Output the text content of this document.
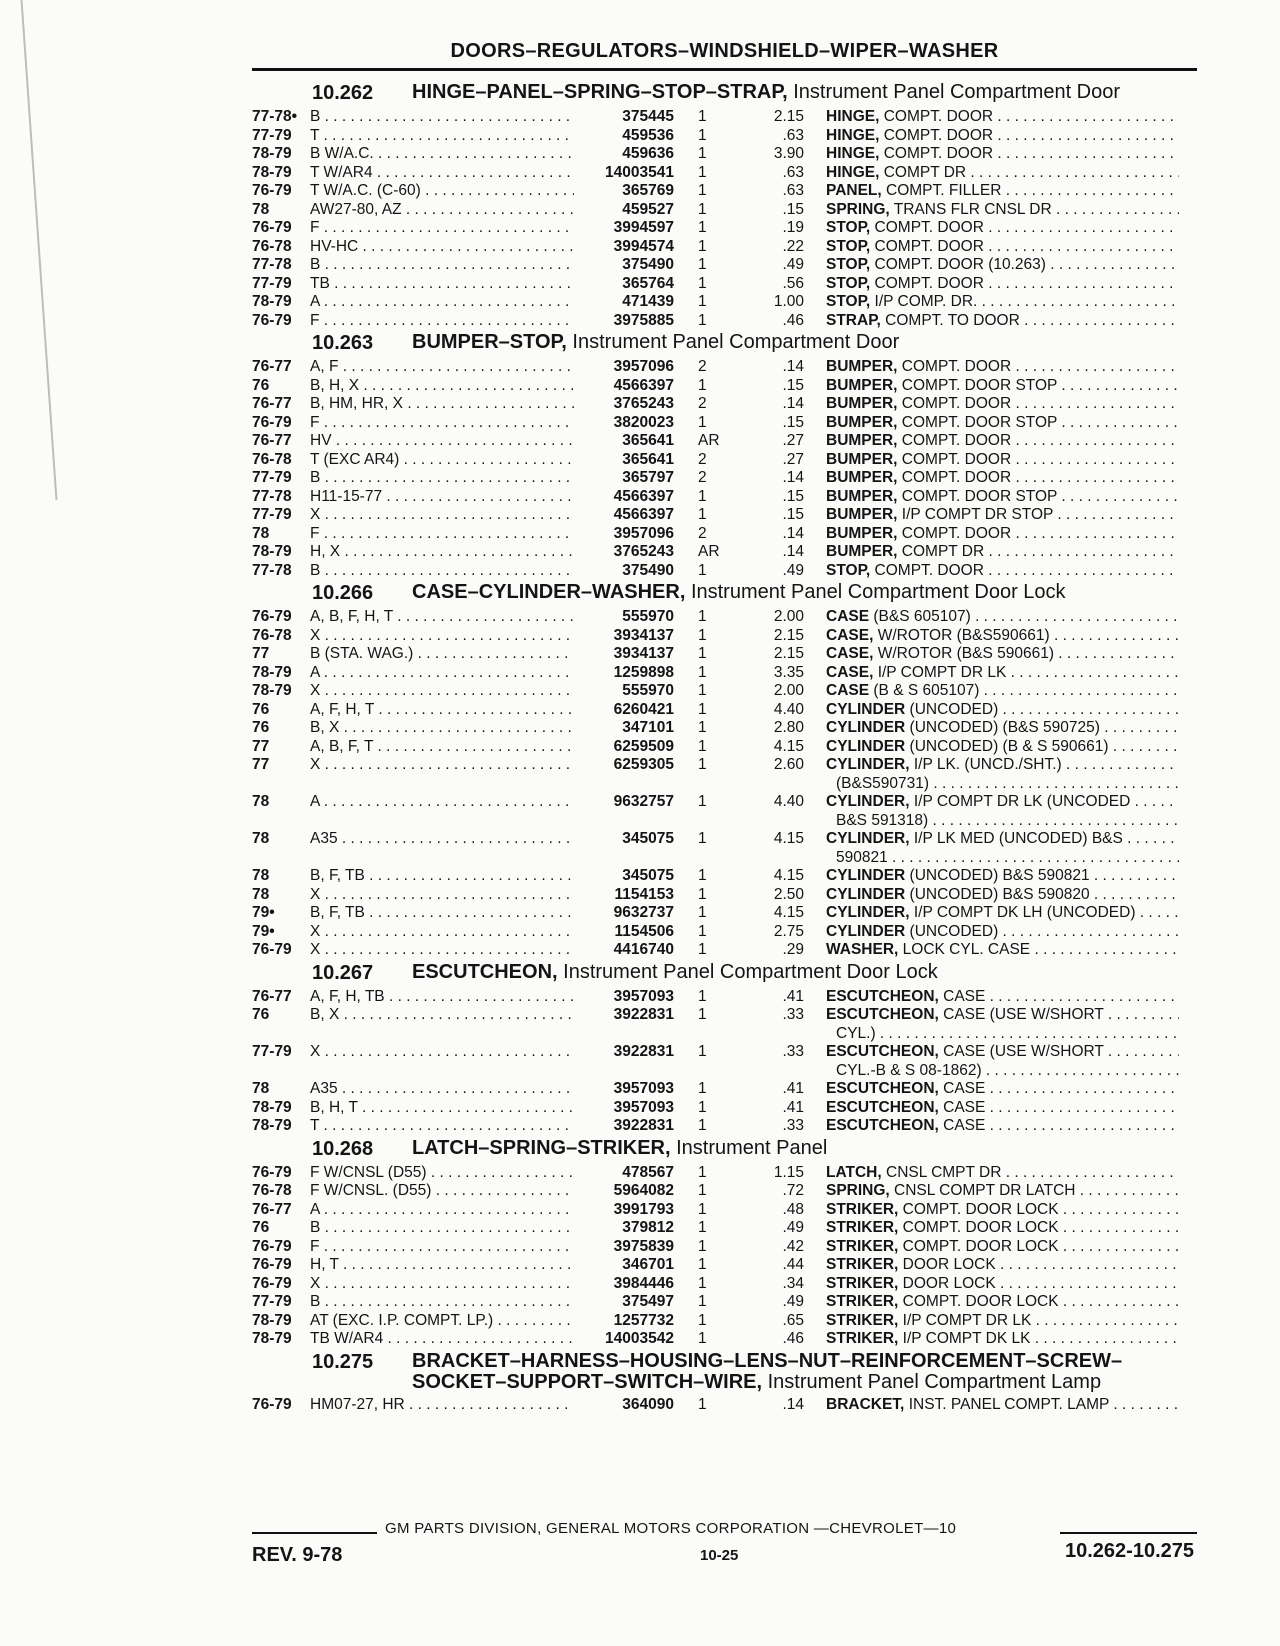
DOORS–REGULATORS–WINDSHIELD–WIPER–WASHER
10.262	HINGE–PANEL–SPRING–STOP–STRAP, Instrument Panel Compartment Door
77-78• B . . .	375445	1	2.15 HINGE, COMPT. DOOR . . .
77-79	T . . .	459536	1	.63 HINGE, COMPT. DOOR . . .
78-79	B W/A.C. . . .	459636	1	3.90 HINGE, COMPT. DOOR . . .
78-79	T W/AR4 . . .	14003541	1	.63 HINGE, COMPT DR . . .
76-79	T W/A.C. (C-60) . . .	365769	1	.63 PANEL, COMPT. FILLER . . .
78	AW27-80, AZ . . .	459527	1	.15 SPRING, TRANS FLR CNSL DR . . .
76-79	F . . .	3994597	1	.19 STOP, COMPT. DOOR . . .
76-78	HV-HC . . .	3994574	1	.22 STOP, COMPT. DOOR . . .
77-78	B . . .	375490	1	.49 STOP, COMPT. DOOR (10.263) . . .
77-79	TB . . .	365764	1	.56 STOP, COMPT. DOOR . . .
78-79	A . . .	471439	1	1.00 STOP, I/P COMP. DR. . . .
76-79	F . . .	3975885	1	.46 STRAP, COMPT. TO DOOR . . .
10.263	BUMPER–STOP, Instrument Panel Compartment Door
76-77	A, F . . .	3957096	2	.14 BUMPER, COMPT. DOOR . . .
76	B, H, X . . .	4566397	1	.15 BUMPER, COMPT. DOOR STOP . . .
76-77	B, HM, HR, X . . .	3765243	2	.14 BUMPER, COMPT. DOOR . . .
76-79	F . . .	3820023	1	.15 BUMPER, COMPT. DOOR STOP . . .
76-77	HV . . .	365641	AR	.27 BUMPER, COMPT. DOOR . . .
76-78	T (EXC AR4) . . .	365641	2	.27 BUMPER, COMPT. DOOR . . .
77-79	B . . .	365797	2	.14 BUMPER, COMPT. DOOR . . .
77-78	H11-15-77 . . .	4566397	1	.15 BUMPER, COMPT. DOOR STOP . . .
77-79	X . . .	4566397	1	.15 BUMPER, I/P COMPT DR STOP . . .
78	F . . .	3957096	2	.14 BUMPER, COMPT. DOOR . . .
78-79	H, X . . .	3765243	AR	.14 BUMPER, COMPT DR . . .
77-78	B . . .	375490	1	.49 STOP, COMPT. DOOR . . .
10.266	CASE–CYLINDER–WASHER, Instrument Panel Compartment Door Lock
76-79	A, B, F, H, T . . .	555970	1	2.00 CASE (B&S 605107) . . .
76-78	X . . .	3934137	1	2.15 CASE, W/ROTOR (B&S590661) . . .
77	B (STA. WAG.) . . .	3934137	1	2.15 CASE, W/ROTOR (B&S 590661) . . .
78-79	A . . .	1259898	1	3.35 CASE, I/P COMPT DR LK . . .
78-79	X . . .	555970	1	2.00 CASE (B & S 605107) . . .
76	A, F, H, T . . .	6260421	1	4.40 CYLINDER (UNCODED) . . .
76	B, X . . .	347101	1	2.80 CYLINDER (UNCODED) (B&S 590725) . . .
77	A, B, F, T . . .	6259509	1	4.15 CYLINDER (UNCODED) (B & S 590661) . . .
77	X . . .	6259305	1	2.60 CYLINDER, I/P LK. (UNCD./SHT.) . . .
(B&S590731) . . .
78	A . . .	9632757	1	4.40 CYLINDER, I/P COMPT DR LK (UNCODED . . .
B&S 591318) . . .
78	A35 . . .	345075	1	4.15 CYLINDER, I/P LK MED (UNCODED) B&S . . .
590821 . . .
78	B, F, TB . . .	345075	1	4.15 CYLINDER (UNCODED) B&S 590821 . . .
78	X . . .	1154153	1	2.50 CYLINDER (UNCODED) B&S 590820 . . .
79•	B, F, TB . . .	9632737	1	4.15 CYLINDER, I/P COMPT DK LH (UNCODED) . . .
79•	X . . .	1154506	1	2.75 CYLINDER (UNCODED) . . .
76-79	X . . .	4416740	1	.29 WASHER, LOCK CYL. CASE . . .
10.267	ESCUTCHEON, Instrument Panel Compartment Door Lock
76-77	A, F, H, TB . . .	3957093	1	.41 ESCUTCHEON, CASE . . .
76	B, X . . .	3922831	1	.33 ESCUTCHEON, CASE (USE W/SHORT . . .
CYL.) . . .
77-79	X . . .	3922831	1	.33 ESCUTCHEON, CASE (USE W/SHORT . . .
CYL.-B & S 08-1862) . . .
78	A35 . . .	3957093	1	.41 ESCUTCHEON, CASE . . .
78-79	B, H, T . . .	3957093	1	.41 ESCUTCHEON, CASE . . .
78-79	T . . .	3922831	1	.33 ESCUTCHEON, CASE . . .
10.268	LATCH–SPRING–STRIKER, Instrument Panel
76-79	F W/CNSL (D55) . . .	478567	1	1.15 LATCH, CNSL CMPT DR . . .
76-78	F W/CNSL. (D55) . . .	5964082	1	.72 SPRING, CNSL COMPT DR LATCH . . .
76-77	A . . .	3991793	1	.48 STRIKER, COMPT. DOOR LOCK . . .
76	B . . .	379812	1	.49 STRIKER, COMPT. DOOR LOCK . . .
76-79	F . . .	3975839	1	.42 STRIKER, COMPT. DOOR LOCK . . .
76-79	H, T . . .	346701	1	.44 STRIKER, DOOR LOCK . . .
76-79	X . . .	3984446	1	.34 STRIKER, DOOR LOCK . . .
77-79	B . . .	375497	1	.49 STRIKER, COMPT. DOOR LOCK . . .
78-79	AT (EXC. I.P. COMPT. LP.) . . .	1257732	1	.65 STRIKER, I/P COMPT DR LK . . .
78-79	TB W/AR4 . . .	14003542	1	.46 STRIKER, I/P COMPT DK LK . . .
10.275	BRACKET–HARNESS–HOUSING–LENS–NUT–REINFORCEMENT–SCREW–SOCKET–SUPPORT–SWITCH–WIRE, Instrument Panel Compartment Lamp
76-79	HM07-27, HR . . .	364090	1	.14 BRACKET, INST. PANEL COMPT. LAMP . . .
GM PARTS DIVISION, GENERAL MOTORS CORPORATION —CHEVROLET—10
REV. 9-78	10-25	10.262-10.275
